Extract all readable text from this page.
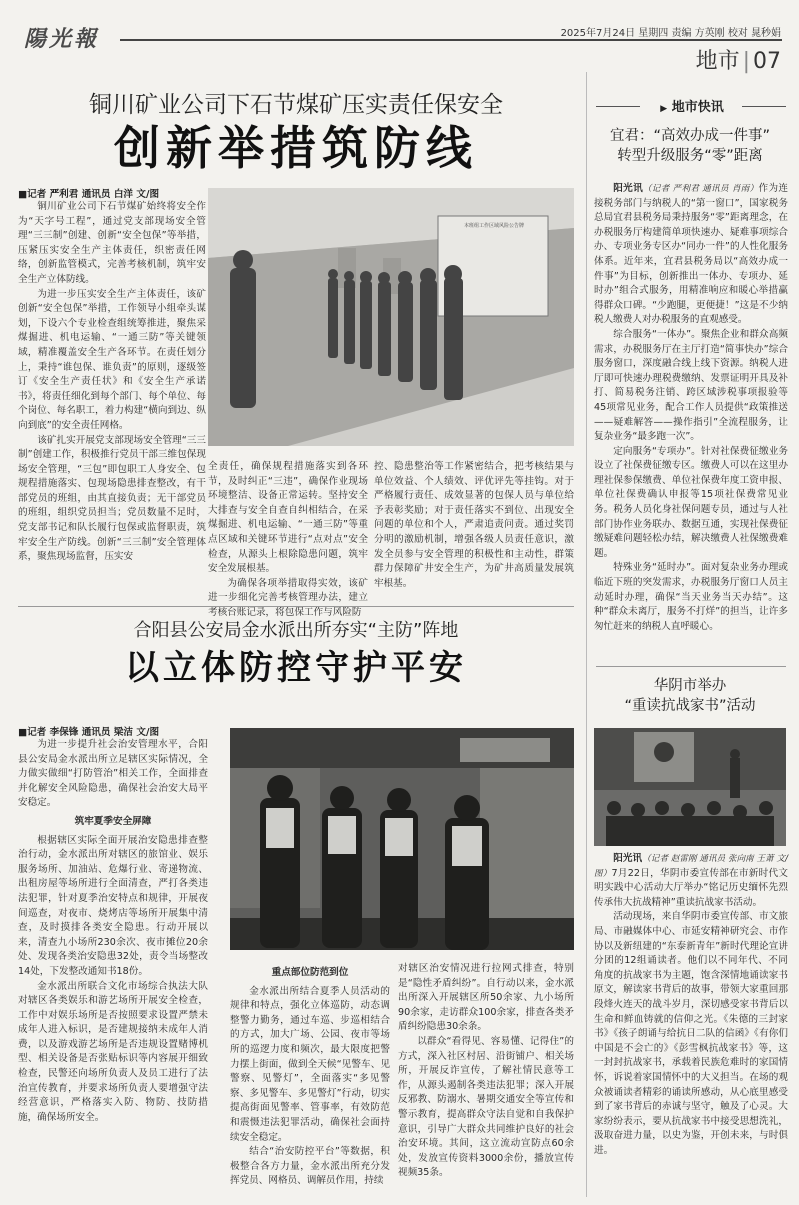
陽光報	2025年7月24日 星期四 责编 方英刚 校对 晁秒娟
地市 | 07
铜川矿业公司下石节煤矿压实责任保安全
创新举措筑防线
■记者 严利君 通讯员 白洋 文/图

铜川矿业公司下石节煤矿始终将安全作为“天字号工程”，通过党支部现场安全管理“三三制”创建、创新“安全包保”等举措，压紧压实安全生产主体责任，织密责任网络，创新监管模式，完善考核机制，筑牢安全生产立体防线。

为进一步压实安全生产主体责任，该矿创新“安全包保”举措，工作领导小组牵头谋划，下设六个专业检查组统筹推进，聚焦采煤掘进、机电运输、“一通三防”等关键领域，精准覆盖安全生产各环节。在责任划分上，秉持“谁包保、谁负责”的原则，逐级签订《安全生产责任状》和《安全生产承诺书》，将责任细化到每个部门、每个单位、每个岗位、每名职工，着力构建“横向到边、纵向到底”的安全责任网格。

该矿扎实开展党支部现场安全管理“三三制”创建工作，积极推行党员干部三维包保现场安全管理，“三包”即包职工人身安全、包规程措施落实、包现场隐患排查整改，有干部党员的班组，由其直接负责；无干部党员的班组，组织党员担当；党员数量不足时，党支部书记和队长履行包保或监督职责，筑牢安全生产防线。创新“三三制”安全管理体系，聚焦现场监督，压实安

本班组工作区域风险公告牌

全责任，确保规程措施落实到各环节，及时纠正“三违”，确保作业现场环境整洁、设备正常运转。坚持安全大排查与安全自查自纠相结合，在采煤掘进、机电运输、“一通三防”等重点区域和关键环节进行“点对点”安全检查，从源头上根除隐患问题，筑牢安全发展根基。

为确保各项举措取得实效，该矿进一步细化完善考核管理办法，建立考核台账记录，将包保工作与风险防

控、隐患整治等工作紧密结合，把考核结果与单位效益、个人绩效、评优评先等挂钩。对于严格履行责任、成效显著的包保人员与单位给予表彰奖励；对于责任落实不到位、出现安全问题的单位和个人，严肃追责问责。通过奖罚分明的激励机制，增强各级人员责任意识，激发全员参与安全管理的积极性和主动性，群策群力保障矿井安全生产，为矿井高质量发展筑牢根基。

合阳县公安局金水派出所夯实“主防”阵地
以立体防控守护平安
■记者 李保锋 通讯员 梁洁 文/图

为进一步提升社会治安管理水平，合阳县公安局金水派出所立足辖区实际情况，全力做实做细“打防管治”相关工作，全面排查并化解安全风险隐患，确保社会治安大局平安稳定。

筑牢夏季安全屏障

根据辖区实际全面开展治安隐患排查整治行动，金水派出所对辖区的旅馆业、娱乐服务场所、加油站、危爆行业、寄递物流、出租房屋等场所进行全面清查，严打各类违法犯罪，针对夏季治安特点和规律，开展夜间巡查，对夜市、烧烤店等场所开展集中清查，及时摸排各类安全隐患。行动开展以来，清查九小场所230余次、夜市摊位20余处、发现各类治安隐患32处，责令当场整改14处，下发整改通知书18份。

金水派出所联合文化市场综合执法大队对辖区各类娱乐和游艺场所开展安全检查，工作中对娱乐场所是否按照要求设置严禁未成年人进入标识，是否建规接纳未成年人消费，以及游戏游艺场所是否违规设置赌博机型、相关设备是否张贴标识等内容展开细致检查，民警还向场所负责人及员工进行了法治宣传教育，并要求场所负责人要增强守法经营意识，严格落实入防、物防、技防措施，确保场所安全。

重点部位防范到位

金水派出所结合夏季人员活动的规律和特点，强化立体巡防，动态调整警力勤务，通过车巡、步巡相结合的方式，加大广场、公园、夜市等场所的巡逻力度和频次，最大限度把警力摆上街面，做到全天候“见警车、见警察、见警灯”，全面落实“多见警察、多见警车、多见警灯”行动，切实提高街面见警率、管事率，有效防范和震慑违法犯罪活动，确保社会面持续安全稳定。

结合“治安防控平台”等数据，积极整合各方力量，金水派出所充分发挥党员、网格员、调解员作用，持续

对辖区治安情况进行拉网式排查，特别是“隐性矛盾纠纷”。自行动以来，金水派出所深入开展辖区所50余家、九小场所90余家，走访群众100余家，排查各类矛盾纠纷隐患30余条。

以群众“看得见、容易懂、记得住”的方式，深入社区村居、沿街铺户、相关场所，开展反诈宣传，了解社情民意等工作，从源头遏制各类违法犯罪；深入开展反邪教、防溺水、暑期交通安全等宣传和警示教育，提高群众守法自觉和自我保护意识，引导广大群众共同维护良好的社会治安环境。其间，这立流动宣防点60余处，发放宣传资料3000余份，播放宣传视频35条。

▶ 地市快讯
宜君：“高效办成一件事”
转型升级服务“零”距离

阳光讯（记者 严利君 通讯员 肖雨）作为连接税务部门与纳税人的“第一窗口”，国家税务总局宜君县税务局秉持服务“零”距离理念，在办税服务厅构建简单项快速办、疑难事项综合办、专项业务专区办“同办一件”的人性化服务体系。近年来，宜君县税务局以“高效办成一件事”为目标，创新推出一体办、专项办、延时办”组合式服务，用精准响应和暖心举措赢得群众口碑。“少跑腿，更便捷！”这是不少纳税人缴费人对办税服务的直观感受。

综合服务“一体办”。聚焦企业和群众高频需求，办税服务厅在主厅打造“简事快办”综合服务窗口，深度融合线上线下资源。纳税人进厅即可快速办理税费缴纳、发票证明开具及补打、简易税务注销、跨区域涉税事项报验等45项常见业务，配合工作人员提供“政策推送——疑难解答——操作指引”全流程服务，让复杂业务“最多跑一次”。

定向服务“专项办”。针对社保费征缴业务设立了社保费征缴专区。缴费人可以在这里办理社保参保缴费、单位社保费年度工资申报、单位社保费确认申报等15项社保费常见业务。税务人员化身社保问题专员，通过与人社部门协作业务联办、数据互通，实现社保费征缴疑难问题轻松办结，解决缴费人社保缴费难题。

特殊业务“延时办”。面对复杂业务办理或临近下班的突发需求，办税服务厅窗口人员主动延时办理，确保“当天业务当天办结”。这种“群众未离厅，服务不打烊”的担当，让许多匆忙赶来的纳税人直呼暖心。

华阴市举办
“重读抗战家书”活动

阳光讯（记者 赵雷刚 通讯员 张向南 王萧 文/图）7月22日，华阴市委宣传部在市新时代文明实践中心活动大厅举办“铭记历史缅怀先烈 传承伟大抗战精神”重读抗战家书活动。

活动现场，来自华阴市委宣传部、市文旅局、市融媒体中心、市延安精神研究会、市作协以及新纽建的“东泰新青年”新时代理论宣讲分团的12组诵读者。他们以不同年代、不同角度的抗战家书为主题，饱含深情地诵读家书原文，解读家书背后的故事，带领大家重回那段烽火连天的战斗岁月，深切感受家书背后以生命和鲜血铸就的信仰之光。《朱德的三封家书》《孩子朗诵与给抗日二队的信函》《有你们中国是不会亡的》《彭雪枫抗战家书》等，这一封封抗战家书，承载着民族危难时的家国情怀，诉说着家国情怀中的大义担当。在场的观众被诵读者精彩的诵读所感动，从心底里感受到了家书背后的赤诚与坚守，触及了心灵。大家纷纷表示，要从抗战家书中接受思想洗礼，汲取奋进力量，以史为鉴，开创未来，与时俱进。
